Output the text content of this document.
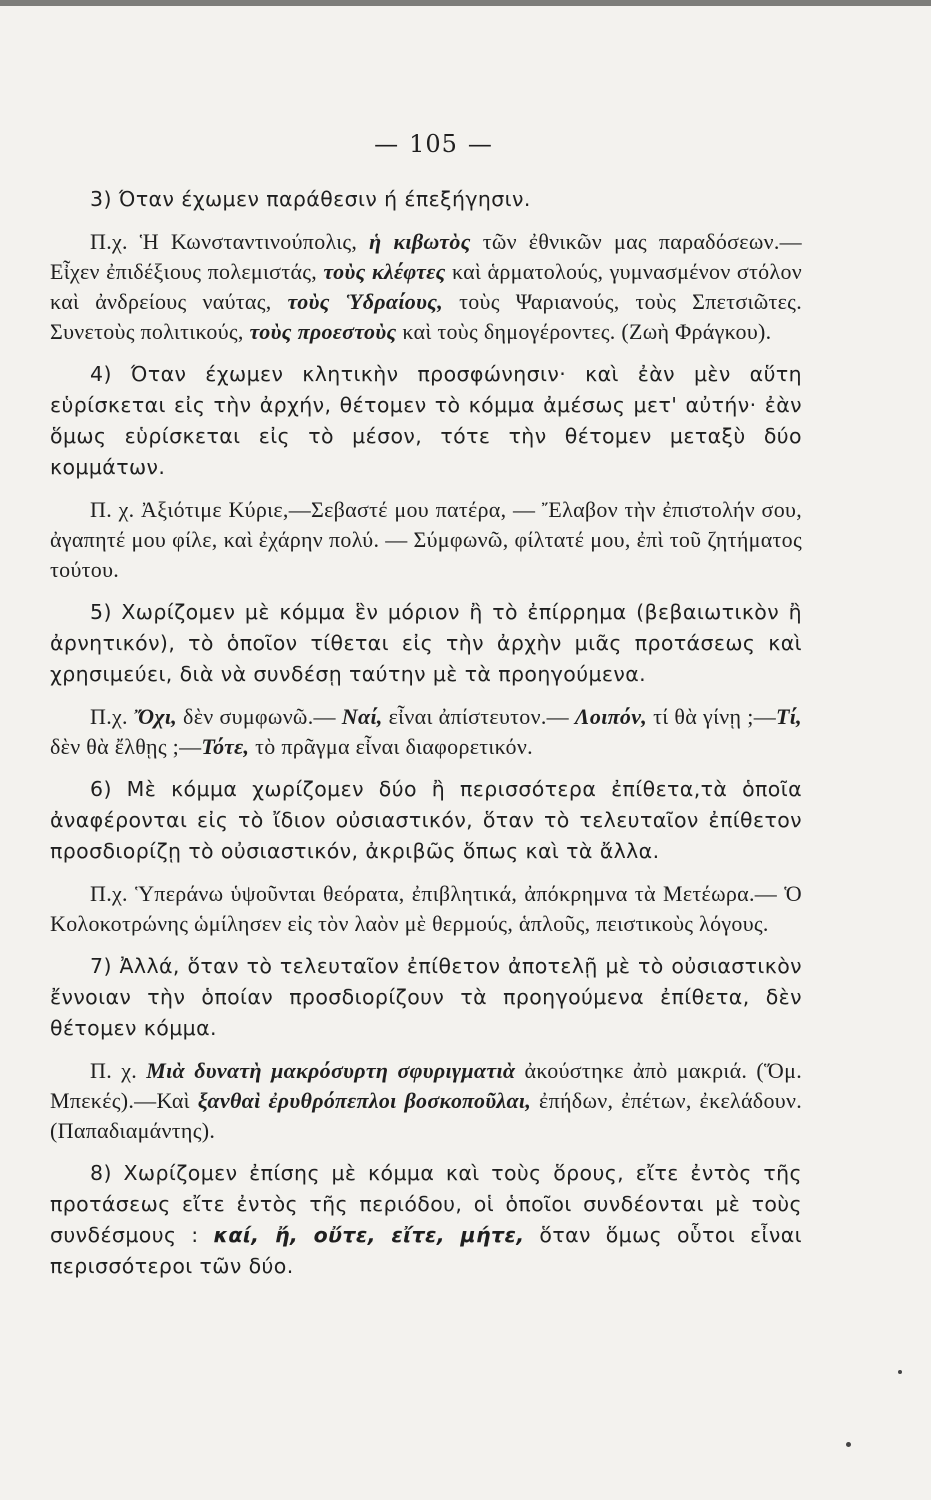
— 105 —

3) Όταν έχωμεν παράθεσιν ή έπεξήγησιν.

Π.χ. Ἡ Κωνσταντινούπολις, ἡ κιβωτὸς τῶν ἐθνικῶν μας παραδόσεων.—Εἶχεν ἐπιδέξιους πολεμιστάς, τοὺς κλέφτες καὶ ἁρματολούς, γυμνασμένον στόλον καὶ ἀνδρείους ναύτας, τοὺς Ὑδραίους, τοὺς Ψαριανούς, τοὺς Σπετσιῶτες. Συνετοὺς πολιτικούς, τοὺς προεστοὺς καὶ τοὺς δημογέροντες. (Ζωὴ Φράγκου).

4) Όταν έχωμεν κλητικὴν προσφώνησιν· καὶ ἐὰν μὲν αὕτη εὑρίσκεται εἰς τὴν ἀρχήν, θέτομεν τὸ κόμμα ἀμέσως μετ' αὐτήν· ἐὰν ὅμως εὑρίσκεται εἰς τὸ μέσον, τότε τὴν θέτομεν μεταξὺ δύο κομμάτων.

Π. χ. Ἀξιότιμε Κύριε,—Σεβαστέ μου πατέρα, — Ἔλαβον τὴν ἐπιστολήν σου, ἀγαπητέ μου φίλε, καὶ ἐχάρην πολύ. — Σύμφωνῶ, φίλτατέ μου, ἐπὶ τοῦ ζητήματος τούτου.

5) Χωρίζομεν μὲ κόμμα ἓν μόριον ἢ τὸ ἐπίρρημα (βεβαιωτικὸν ἢ ἀρνητικόν), τὸ ὁποῖον τίθεται εἰς τὴν ἀρχὴν μιᾶς προτάσεως καὶ χρησιμεύει, διὰ νὰ συνδέσῃ ταύτην μὲ τὰ προηγούμενα.

Π.χ. Ὄχι, δὲν συμφωνῶ.— Ναί, εἶναι ἀπίστευτον.— Λοιπόν, τί θὰ γίνῃ ;—Τί, δὲν θὰ ἔλθῃς ;—Τότε, τὸ πρᾶγμα εἶναι διαφορετικόν.

6) Μὲ κόμμα χωρίζομεν δύο ἢ περισσότερα ἐπίθετα,τὰ ὁποῖα ἀναφέρονται εἰς τὸ ἴδιον οὐσιαστικόν, ὅταν τὸ τελευταῖον ἐπίθετον προσδιορίζῃ τὸ οὐσιαστικόν, ἀκριβῶς ὅπως καὶ τὰ ἄλλα.

Π.χ. Ὑπεράνω ὑψοῦνται θεόρατα, ἐπιβλητικά, ἀπόκρημνα τὰ Μετέωρα.— Ὁ Κολοκοτρώνης ὡμίλησεν εἰς τὸν λαὸν μὲ θερμούς, ἁπλοῦς, πειστικοὺς λόγους.

7) Ἀλλά, ὅταν τὸ τελευταῖον ἐπίθετον ἀποτελῇ μὲ τὸ οὐσιαστικὸν ἔννοιαν τὴν ὁποίαν προσδιορίζουν τὰ προηγούμενα ἐπίθετα, δὲν θέτομεν κόμμα.

Π. χ. Μιὰ δυνατὴ μακρόσυρτη σφυριγματιὰ ἀκούστηκε ἀπὸ μακριά. (Ὅμ. Μπεκές).—Καὶ ξανθαὶ ἐρυθρόπεπλοι βοσκοποῦλαι, ἐπήδων, ἐπέτων, ἐκελάδουν. (Παπαδιαμάντης).

8) Χωρίζομεν ἐπίσης μὲ κόμμα καὶ τοὺς ὅρους, εἴτε ἐντὸς τῆς προτάσεως εἴτε ἐντὸς τῆς περιόδου, οἱ ὁποῖοι συνδέονται μὲ τοὺς συνδέσμους : καί, ἤ, οὔτε, εἴτε, μήτε, ὅταν ὅμως οὗτοι εἶναι περισσότεροι τῶν δύο.
